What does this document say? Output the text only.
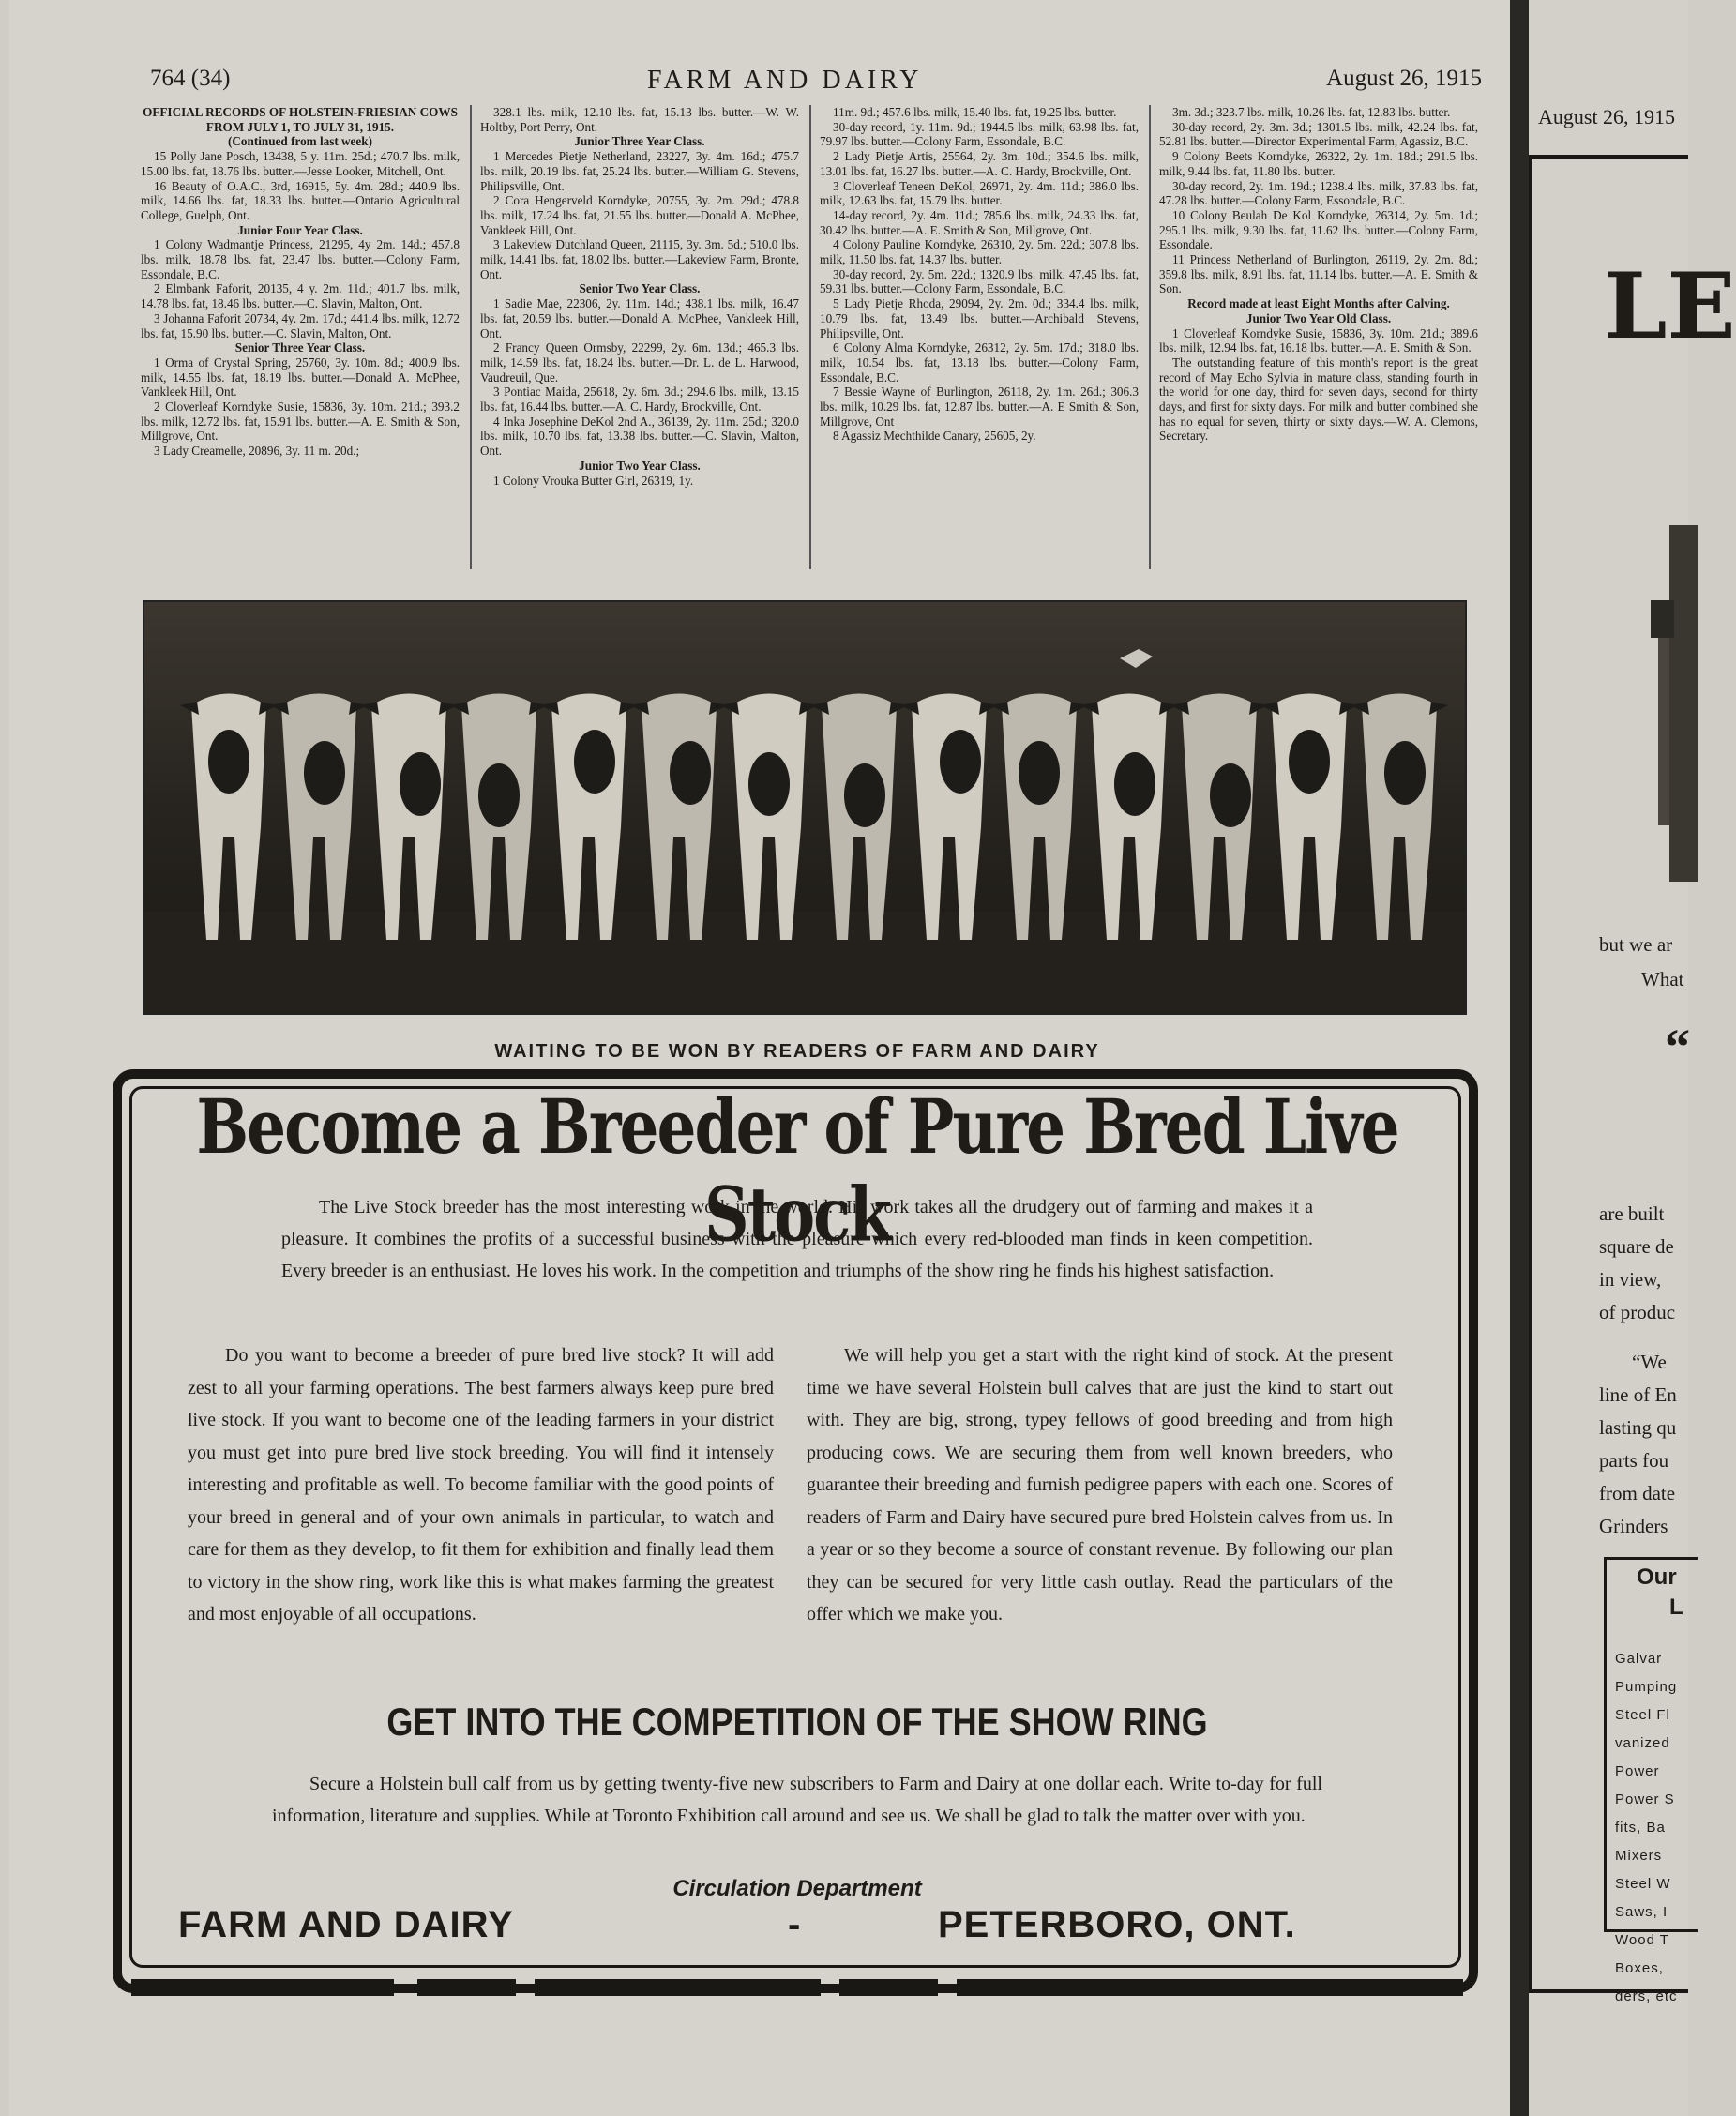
764 (34)	FARM AND DAIRY	August 26, 1915
OFFICIAL RECORDS OF HOLSTEIN-FRIESIAN COWS FROM JULY 1, TO JULY 31, 1915.
(Continued from last week)
15 Polly Jane Posch, 13438, 5 y. 11m. 25d.; 470.7 lbs. milk, 15.00 lbs. fat, 18.76 lbs. butter.—Jesse Looker, Mitchell, Ont.
16 Beauty of O.A.C., 3rd, 16915, 5y. 4m. 28d.; 440.9 lbs. milk, 14.66 lbs. fat, 18.33 lbs. butter.—Ontario Agricultural College, Guelph, Ont.
Junior Four Year Class.
1 Colony Wadmantje Princess, 21295, 4y 2m. 14d.; 457.8 lbs. milk, 18.78 lbs. fat, 23.47 lbs. butter.—Colony Farm, Essondale, B.C.
2 Elmbank Faforit, 20135, 4 y. 2m. 11d.; 401.7 lbs. milk, 14.78 lbs. fat, 18.46 lbs. butter.—C. Slavin, Malton, Ont.
3 Johanna Faforit 20734, 4y. 2m. 17d.; 441.4 lbs. milk, 12.72 lbs. fat, 15.90 lbs. butter.—C. Slavin, Malton, Ont.
Senior Three Year Class.
1 Orma of Crystal Spring, 25760, 3y. 10m. 8d.; 400.9 lbs. milk, 14.55 lbs. fat, 18.19 lbs. butter.—Donald A. McPhee, Vankleek Hill, Ont.
2 Cloverleaf Korndyke Susie, 15836, 3y. 10m. 21d.; 393.2 lbs. milk, 12.72 lbs. fat, 15.91 lbs. butter.—A. E. Smith & Son, Millgrove, Ont.
3 Lady Creamelle, 20896, 3y. 11 m. 20d.;
328.1 lbs. milk, 12.10 lbs. fat, 15.13 lbs. butter.—W. W. Holtby, Port Perry, Ont.
Junior Three Year Class.
1 Mercedes Pietje Netherland, 23227, 3y. 4m. 16d.; 475.7 lbs. milk, 20.19 lbs. fat, 25.24 lbs. butter.—William G. Stevens, Philipsville, Ont.
2 Cora Hengerveld Korndyke, 20755, 3y. 2m. 29d.; 478.8 lbs. milk, 17.24 lbs. fat, 21.55 lbs. butter.—Donald A. McPhee, Vankleek Hill, Ont.
3 Lakeview Dutchland Queen, 21115, 3y. 3m. 5d.; 510.0 lbs. milk, 14.41 lbs. fat, 18.02 lbs. butter.—Lakeview Farm, Bronte, Ont.
Senior Two Year Class.
1 Sadie Mae, 22306, 2y. 11m. 14d.; 438.1 lbs. milk, 16.47 lbs. fat, 20.59 lbs. butter.—Donald A. McPhee, Vankleek Hill, Ont.
2 Francy Queen Ormsby, 22299, 2y. 6m. 13d.; 465.3 lbs. milk, 14.59 lbs. fat, 18.24 lbs. butter.—Dr. L. de L. Harwood, Vaudreuil, Que.
3 Pontiac Maida, 25618, 2y. 6m. 3d.; 294.6 lbs. milk, 13.15 lbs. fat, 16.44 lbs. butter.—A. C. Hardy, Brockville, Ont.
4 Inka Josephine DeKol 2nd A., 36139, 2y. 11m. 25d.; 320.0 lbs. milk, 10.70 lbs. fat, 13.38 lbs. butter.—C. Slavin, Malton, Ont.
Junior Two Year Class.
1 Colony Vrouka Butter Girl, 26319, 1y.
11m. 9d.; 457.6 lbs. milk, 15.40 lbs. fat, 19.25 lbs. butter.
30-day record, 1y. 11m. 9d.; 1944.5 lbs. milk, 63.98 lbs. fat, 79.97 lbs. butter.—Colony Farm, Essondale, B.C.
2 Lady Pietje Artis, 25564, 2y. 3m. 10d.; 354.6 lbs. milk, 13.01 lbs. fat, 16.27 lbs. butter.—A. C. Hardy, Brockville, Ont.
3 Cloverleaf Teneen DeKol, 26971, 2y. 4m. 11d.; 386.0 lbs. milk, 12.63 lbs. fat, 15.79 lbs. butter.
14-day record, 2y. 4m. 11d.; 785.6 lbs. milk, 24.33 lbs. fat, 30.42 lbs. butter.—A. E. Smith & Son, Millgrove, Ont.
4 Colony Pauline Korndyke, 26310, 2y. 5m. 22d.; 307.8 lbs. milk, 11.50 lbs. fat, 14.37 lbs. butter.
30-day record, 2y. 5m. 22d.; 1320.9 lbs. milk, 47.45 lbs. fat, 59.31 lbs. butter.—Colony Farm, Essondale, B.C.
5 Lady Pietje Rhoda, 29094, 2y. 2m. 0d.; 334.4 lbs. milk, 10.79 lbs. fat, 13.49 lbs. butter.—Archibald Stevens, Philipsville, Ont.
6 Colony Alma Korndyke, 26312, 2y. 5m. 17d.; 318.0 lbs. milk, 10.54 lbs. fat, 13.18 lbs. butter.—Colony Farm, Essondale, B.C.
7 Bessie Wayne of Burlington, 26118, 2y. 1m. 26d.; 306.3 lbs. milk, 10.29 lbs. fat, 12.87 lbs. butter.—A. E Smith & Son, Millgrove, Ont
8 Agassiz Mechthilde Canary, 25605, 2y.
3m. 3d.; 323.7 lbs. milk, 10.26 lbs. fat, 12.83 lbs. butter.
30-day record, 2y. 3m. 3d.; 1301.5 lbs. milk, 42.24 lbs. fat, 52.81 lbs. butter.—Director Experimental Farm, Agassiz, B.C.
9 Colony Beets Korndyke, 26322, 2y. 1m. 18d.; 291.5 lbs. milk, 9.44 lbs. fat, 11.80 lbs. butter.
30-day record, 2y. 1m. 19d.; 1238.4 lbs. milk, 37.83 lbs. fat, 47.28 lbs. butter.—Colony Farm, Essondale, B.C.
10 Colony Beulah De Kol Korndyke, 26314, 2y. 5m. 1d.; 295.1 lbs. milk, 9.30 lbs. fat, 11.62 lbs. butter.—Colony Farm, Essondale.
11 Princess Netherland of Burlington, 26119, 2y. 2m. 8d.; 359.8 lbs. milk, 8.91 lbs. fat, 11.14 lbs. butter.—A. E. Smith & Son.
Record made at least Eight Months after Calving.
Junior Two Year Old Class.
1 Cloverleaf Korndyke Susie, 15836, 3y. 10m. 21d.; 389.6 lbs. milk, 12.94 lbs. fat, 16.18 lbs. butter.—A. E. Smith & Son.
The outstanding feature of this month's report is the great record of May Echo Sylvia in mature class, standing fourth in the world for one day, third for seven days, second for thirty days, and first for sixty days. For milk and butter combined she has no equal for seven, thirty or sixty days.—W. A. Clemons, Secretary.
WAITING TO BE WON BY READERS OF FARM AND DAIRY
Become a Breeder of Pure Bred Live Stock
The Live Stock breeder has the most interesting work in the world. His work takes all the drudgery out of farming and makes it a pleasure. It combines the profits of a successful business with the pleasure which every red-blooded man finds in keen competition. Every breeder is an enthusiast. He loves his work. In the competition and triumphs of the show ring he finds his highest satisfaction.
Do you want to become a breeder of pure bred live stock? It will add zest to all your farming operations. The best farmers always keep pure bred live stock. If you want to become one of the leading farmers in your district you must get into pure bred live stock breeding. You will find it intensely interesting and profitable as well. To become familiar with the good points of your breed in general and of your own animals in particular, to watch and care for them as they develop, to fit them for exhibition and finally lead them to victory in the show ring, work like this is what makes farming the greatest and most enjoyable of all occupations.
We will help you get a start with the right kind of stock. At the present time we have several Holstein bull calves that are just the kind to start out with. They are big, strong, typey fellows of good breeding and from high producing cows. We are securing them from well known breeders, who guarantee their breeding and furnish pedigree papers with each one. Scores of readers of Farm and Dairy have secured pure bred Holstein calves from us. In a year or so they become a source of constant revenue. By following our plan they can be secured for very little cash outlay. Read the particulars of the offer which we make you.
GET INTO THE COMPETITION OF THE SHOW RING
Secure a Holstein bull calf from us by getting twenty-five new subscribers to Farm and Dairy at one dollar each. Write to-day for full information, literature and supplies. While at Toronto Exhibition call around and see us. We shall be glad to talk the matter over with you.
Circulation Department
FARM AND DAIRY	-	PETERBORO, ONT.
August 26, 1915
LE
but we ar
What
“
are built
square de
in view,
of produc
“We
line of En
lasting qu
parts fou
from date
Grinders
Our
L
Galvar
Pumping
Steel Fl
vanized
Power
Power S
fits, Ba
Mixers
Steel W
Saws, I
Wood T
Boxes,
ders, etc
